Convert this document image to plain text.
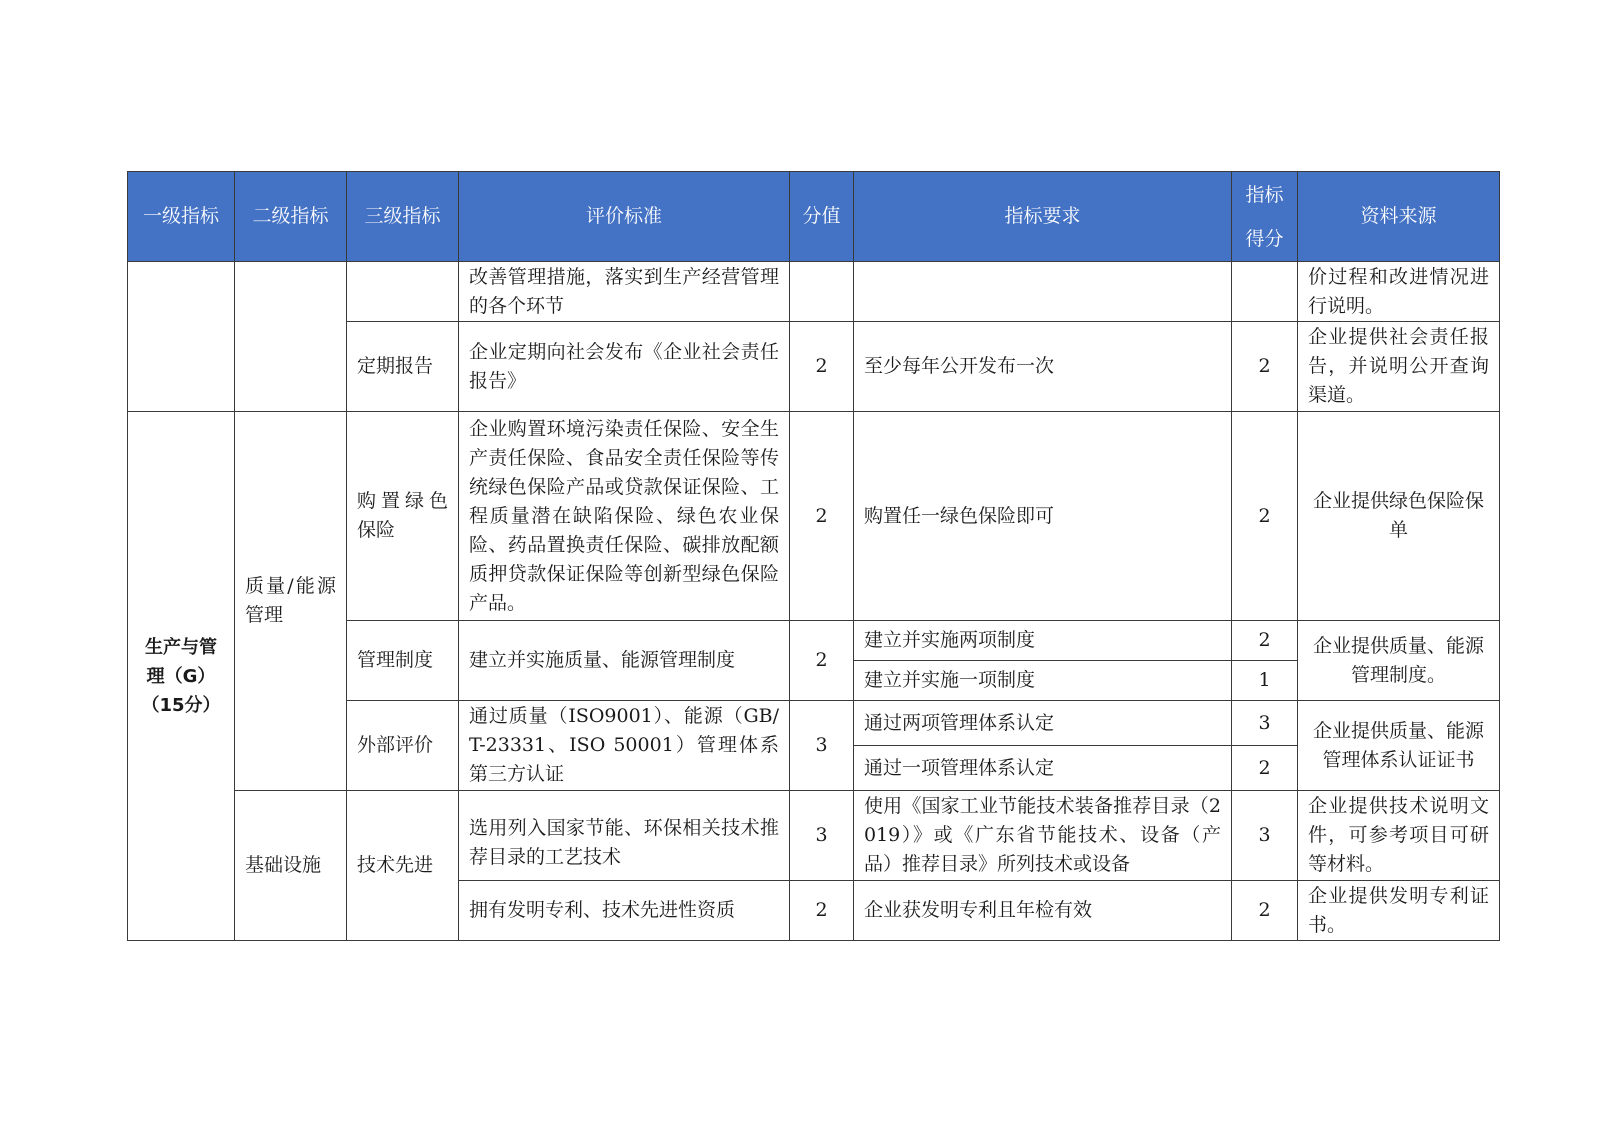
一级指标	二级指标	三级指标	评价标准	分值	指标要求	指标得分	资料来源
			改善管理措施，落实到生产经营管理的各个环节				价过程和改进情况进行说明。
		定期报告	企业定期向社会发布《企业社会责任报告》	2	至少每年公开发布一次	2	企业提供社会责任报告，并说明公开查询渠道。
生产与管理（G）（15分）	质量/能源管理	购置绿色保险	企业购置环境污染责任保险、安全生产责任保险、食品安全责任保险等传统绿色保险产品或贷款保证保险、工程质量潜在缺陷保险、绿色农业保险、药品置换责任保险、碳排放配额质押贷款保证保险等创新型绿色保险产品。	2	购置任一绿色保险即可	2	企业提供绿色保险保单
		管理制度	建立并实施质量、能源管理制度	2	建立并实施两项制度	2	企业提供质量、能源管理制度。
					建立并实施一项制度	1	
		外部评价	通过质量（ISO9001）、能源（GB/T-23331、ISO 50001）管理体系第三方认证	3	通过两项管理体系认定	3	企业提供质量、能源管理体系认证证书
					通过一项管理体系认定	2	
	基础设施	技术先进	选用列入国家节能、环保相关技术推荐目录的工艺技术	3	使用《国家工业节能技术装备推荐目录（2019）》或《广东省节能技术、设备（产品）推荐目录》所列技术或设备	3	企业提供技术说明文件，可参考项目可研等材料。
			拥有发明专利、技术先进性资质	2	企业获发明专利且年检有效	2	企业提供发明专利证书。
